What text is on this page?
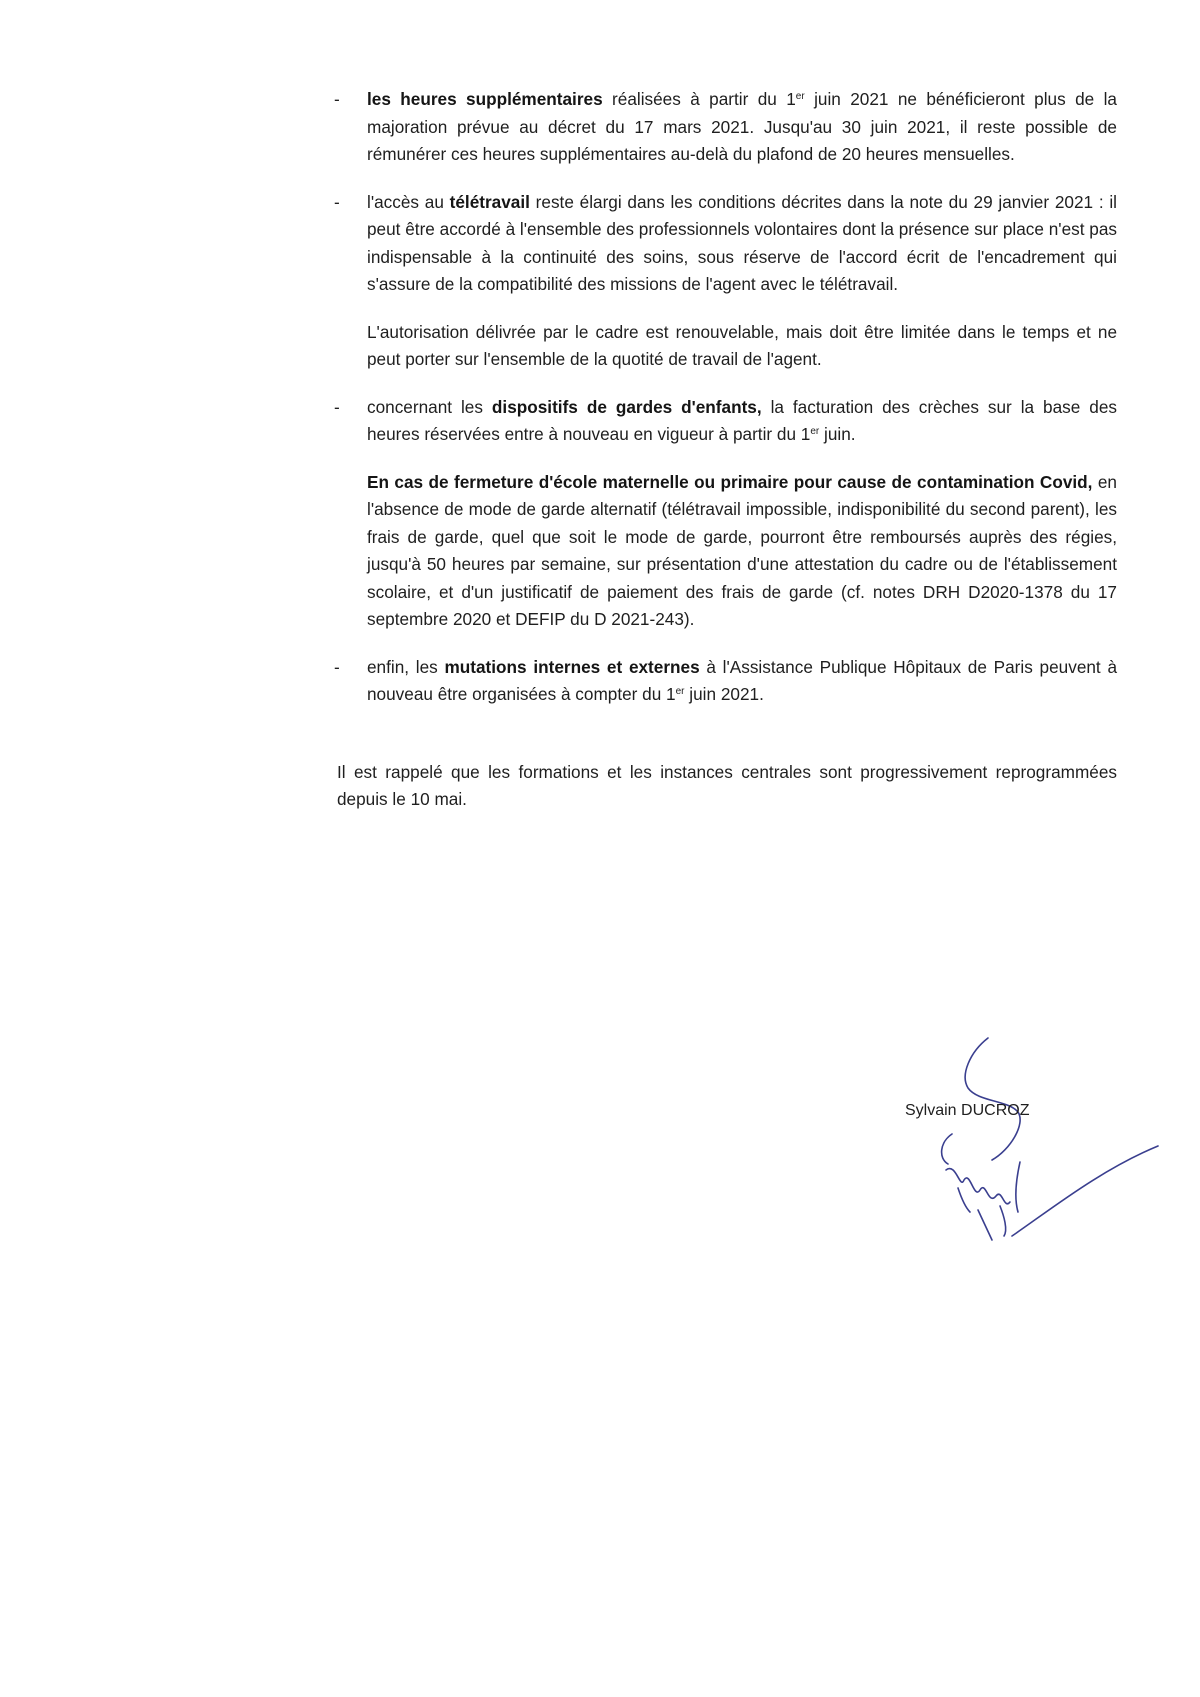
-	les heures supplémentaires réalisées à partir du 1er juin 2021 ne bénéficieront plus de la majoration prévue au décret du 17 mars 2021. Jusqu'au 30 juin 2021, il reste possible de rémunérer ces heures supplémentaires au-delà du plafond de 20 heures mensuelles.

-	l'accès au télétravail reste élargi dans les conditions décrites dans la note du 29 janvier 2021 : il peut être accordé à l'ensemble des professionnels volontaires dont la présence sur place n'est pas indispensable à la continuité des soins, sous réserve de l'accord écrit de l'encadrement qui s'assure de la compatibilité des missions de l'agent avec le télétravail.

L'autorisation délivrée par le cadre est renouvelable, mais doit être limitée dans le temps et ne peut porter sur l'ensemble de la quotité de travail de l'agent.

-	concernant les dispositifs de gardes d'enfants, la facturation des crèches sur la base des heures réservées entre à nouveau en vigueur à partir du 1er juin.

En cas de fermeture d'école maternelle ou primaire pour cause de contamination Covid, en l'absence de mode de garde alternatif (télétravail impossible, indisponibilité du second parent), les frais de garde, quel que soit le mode de garde, pourront être remboursés auprès des régies, jusqu'à 50 heures par semaine, sur présentation d'une attestation du cadre ou de l'établissement scolaire, et d'un justificatif de paiement des frais de garde (cf. notes DRH D2020-1378 du 17 septembre 2020 et DEFIP du D 2021-243).

-	enfin, les mutations internes et externes à l'Assistance Publique Hôpitaux de Paris peuvent à nouveau être organisées à compter du 1er juin 2021.

Il est rappelé que les formations et les instances centrales sont progressivement reprogrammées depuis le 10 mai.

Sylvain DUCROZ
